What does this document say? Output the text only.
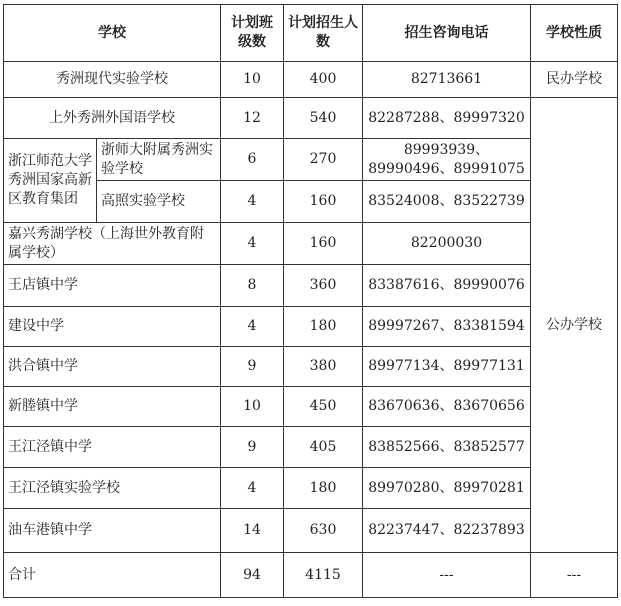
学校		计划班级数	计划招生人数	招生咨询电话	学校性质
秀洲现代实验学校		10	400	82713661	民办学校
上外秀洲外国语学校		12	540	82287288、89997320	公办学校
浙江师范大学秀洲国家高新区教育集团	浙师大附属秀洲实验学校	6	270	89993939、89990496、89991075	
	高照实验学校	4	160	83524008、83522739	
嘉兴秀湖学校（上海世外教育附属学校）		4	160	82200030	
王店镇中学		8	360	83387616、89990076	
建设中学		4	180	89997267、83381594	
洪合镇中学		9	380	89977134、89977131	
新塍镇中学		10	450	83670636、83670656	
王江泾镇中学		9	405	83852566、83852577	
王江泾镇实验学校		4	180	89970280、89970281	
油车港镇中学		14	630	82237447、82237893	
合计		94	4115	---	---
